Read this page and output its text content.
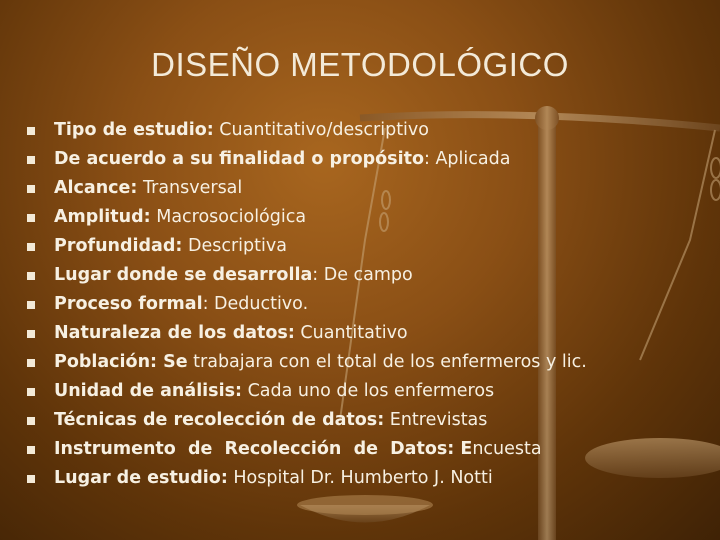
DISEÑO METODOLÓGICO
Tipo de estudio: Cuantitativo/descriptivo
De acuerdo a su finalidad o propósito : Aplicada
Alcance: Transversal
Amplitud: Macrosociológica
Profundidad: Descriptiva
Lugar donde se desarrolla : De campo
Proceso formal : Deductivo.
Naturaleza de los datos: Cuantitativo
Población: Se trabajara con el total de los enfermeros y lic.
Unidad de análisis: Cada uno de los enfermeros
Técnicas de recolección de datos: Entrevistas
Instrumento  de  Recolección  de  Datos: E ncuesta
Lugar de estudio: Hospital Dr. Humberto J. Notti
